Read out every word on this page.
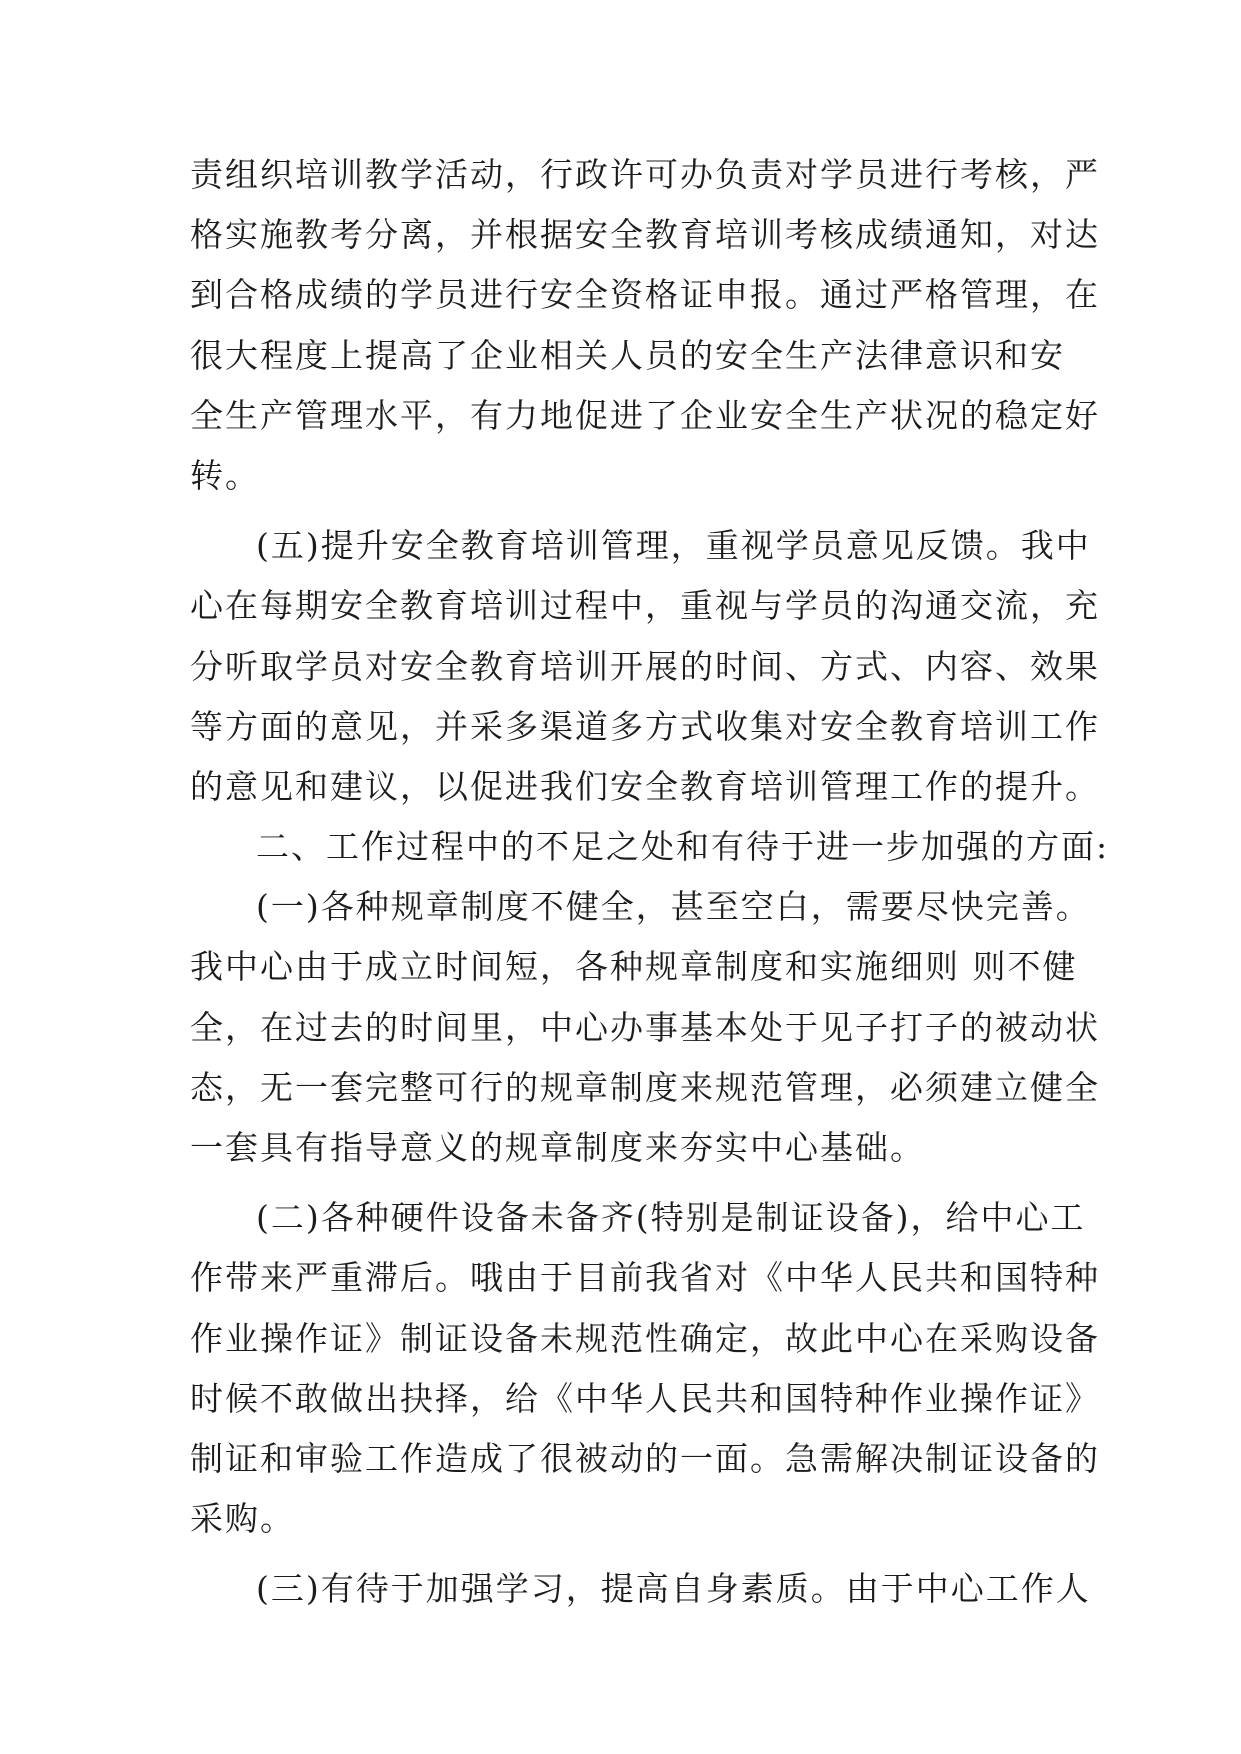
责组织培训教学活动，行政许可办负责对学员进行考核，严
格实施教考分离，并根据安全教育培训考核成绩通知，对达
到合格成绩的学员进行安全资格证申报。通过严格管理，在
很大程度上提高了企业相关人员的安全生产法律意识和安
全生产管理水平，有力地促进了企业安全生产状况的稳定好
转。
(五)提升安全教育培训管理，重视学员意见反馈。我中
心在每期安全教育培训过程中，重视与学员的沟通交流，充
分听取学员对安全教育培训开展的时间、方式、内容、效果
等方面的意见，并采多渠道多方式收集对安全教育培训工作
的意见和建议，以促进我们安全教育培训管理工作的提升。
二、工作过程中的不足之处和有待于进一步加强的方面:
(一)各种规章制度不健全，甚至空白，需要尽快完善。
我中心由于成立时间短，各种规章制度和实施细则 则不健
全，在过去的时间里，中心办事基本处于见子打子的被动状
态，无一套完整可行的规章制度来规范管理，必须建立健全
一套具有指导意义的规章制度来夯实中心基础。
(二)各种硬件设备未备齐(特别是制证设备)，给中心工
作带来严重滞后。哦由于目前我省对《中华人民共和国特种
作业操作证》制证设备未规范性确定，故此中心在采购设备
时候不敢做出抉择，给《中华人民共和国特种作业操作证》
制证和审验工作造成了很被动的一面。急需解决制证设备的
采购。
(三)有待于加强学习，提高自身素质。由于中心工作人
